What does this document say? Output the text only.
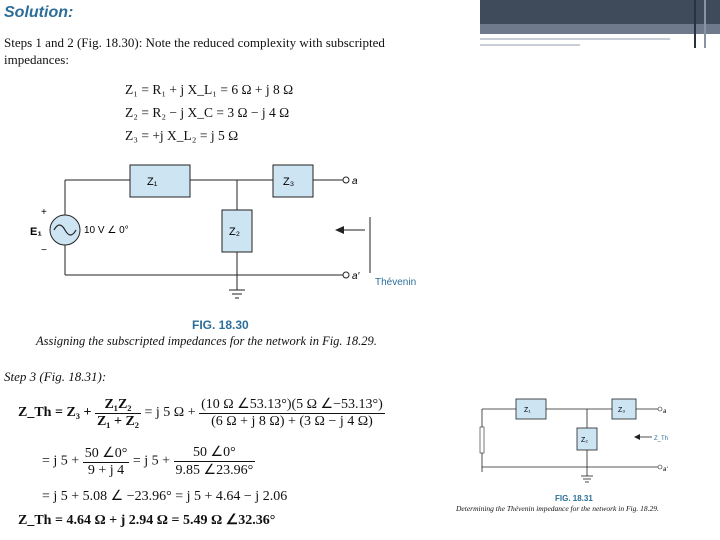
Solution:
Steps 1 and 2 (Fig. 18.30): Note the reduced complexity with subscripted
impedances:
Z₁ = R₁ + j X_L₁ = 6 Ω + j 8 Ω
Z₂ = R₂ − j X_C = 3 Ω − j 4 Ω
Z₃ = +j X_L₂ = j 5 Ω
Z₁	Z₃
Z₂
E₁	10 V ∠ 0°
+
−
a
a′
Thévenin
FIG. 18.30
Assigning the subscripted impedances for the network in Fig. 18.29.
Step 3 (Fig. 18.31):
Z_Th = $Z_3 + \frac{\text{Z₁Z₂}}{\text{Z₁ + Z₂}} = j$ 5 $\Omega + \frac{(10 \Omega \angle 53.13^\circ)(5 \Omega \angle-53.13^\circ)}{(6 \Omega + j 8 \Omega) + (3 \Omega - j 4 \Omega)}$
= j $5 + \frac{50 \angle 0^\circ}{9 + j 4} = j$ $5 + \frac{50 \angle 0^\circ}{9.85 \angle 23.96^\circ}$
= j 5 + 5.08 ∠ −23.96° = j 5 + 4.64 − j 2.06
Z_Th = 4.64 Ω + j 2.94 Ω = 5.49 Ω ∠32.36°
Z₁	Z₃
Z₂
a
a′
Z_Th
FIG. 18.31
Determining the Thévenin impedance for the network in Fig. 18.29.
